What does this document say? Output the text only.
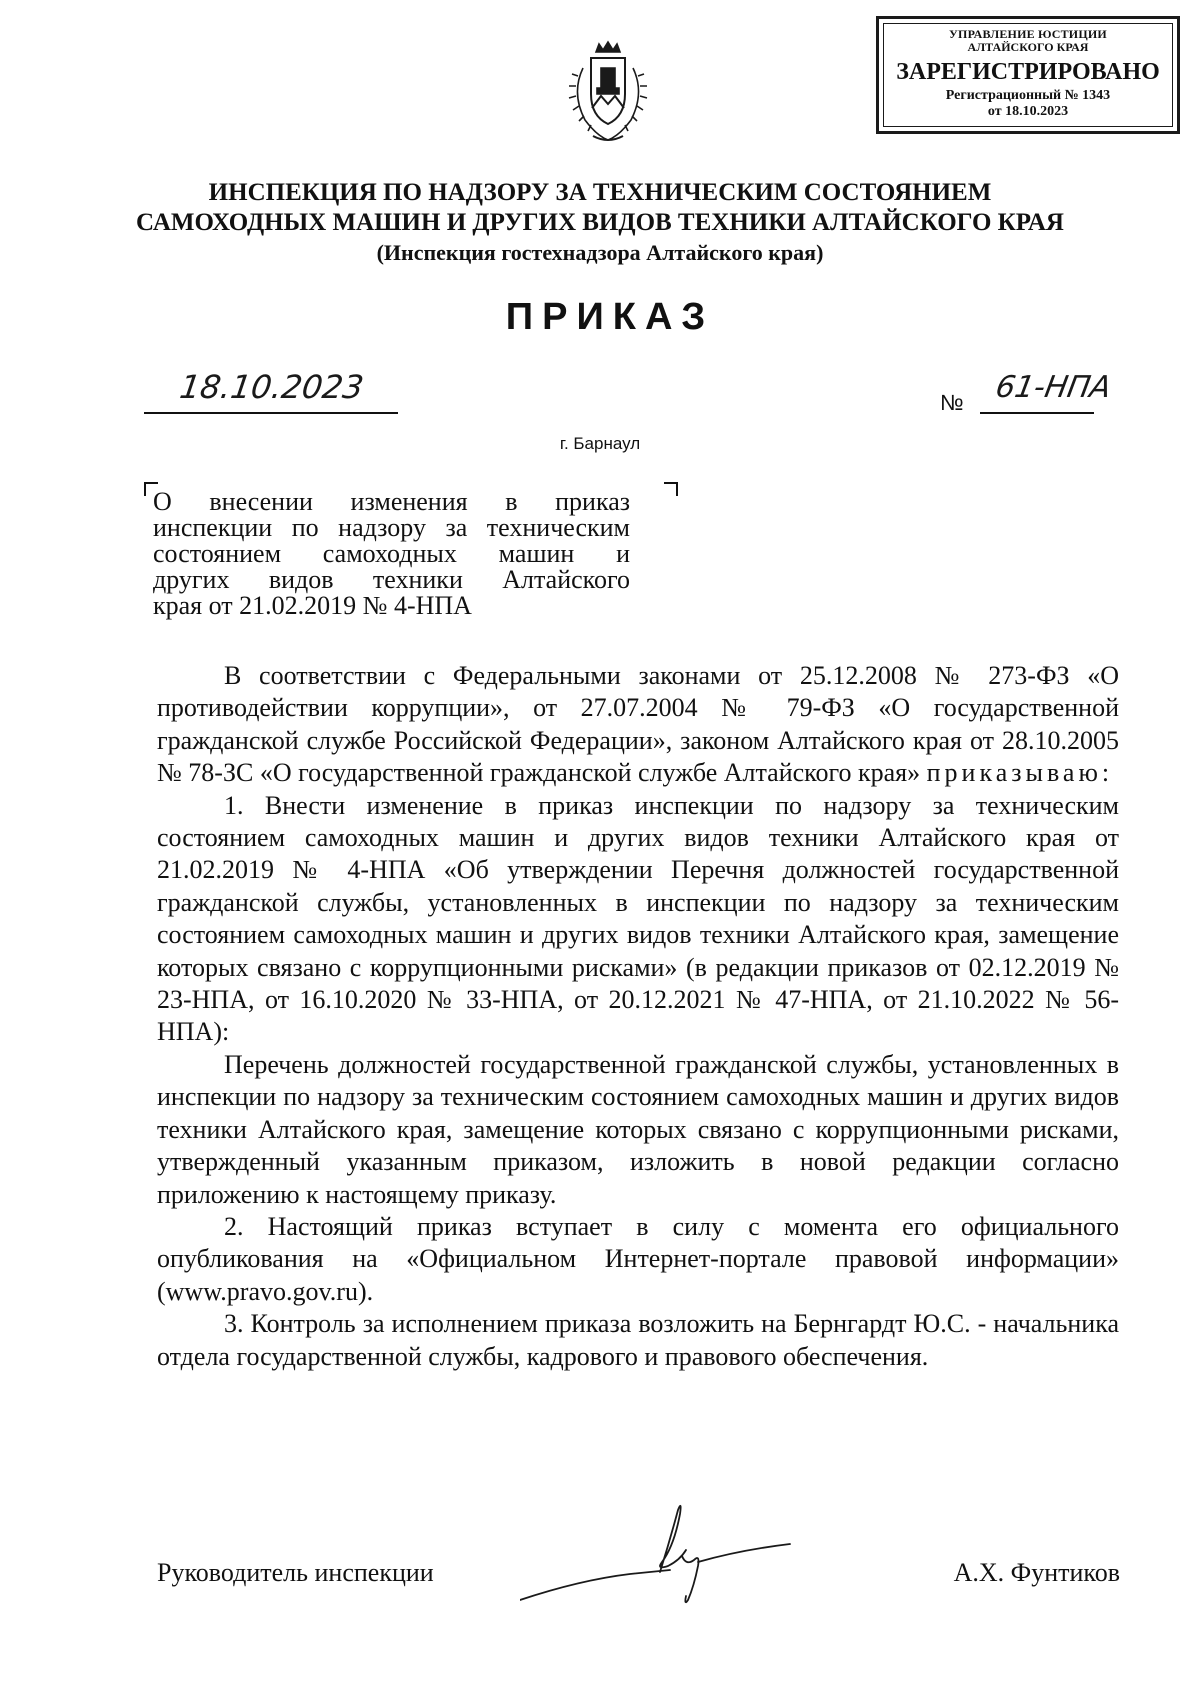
УПРАВЛЕНИЕ ЮСТИЦИИ
АЛТАЙСКОГО КРАЯ
ЗАРЕГИСТРИРОВАНО
Регистрационный № 1343
от 18.10.2023
ИНСПЕКЦИЯ ПО НАДЗОРУ ЗА ТЕХНИЧЕСКИМ СОСТОЯНИЕМ
САМОХОДНЫХ МАШИН И ДРУГИХ ВИДОВ ТЕХНИКИ АЛТАЙСКОГО КРАЯ
(Инспекция гостехнадзора Алтайского края)
ПРИКАЗ
18.10.2023	№ 61-НПА
г. Барнаул
О внесении изменения в приказ
инспекции по надзору за техническим
состоянием самоходных машин и
других видов техники Алтайского
края от 21.02.2019 № 4-НПА

В соответствии с Федеральными законами от 25.12.2008 № 273-ФЗ «О противодействии коррупции», от 27.07.2004 № 79-ФЗ «О государственной гражданской службе Российской Федерации», законом Алтайского края от 28.10.2005 № 78-ЗС «О государственной гражданской службе Алтайского края» приказываю:

1. Внести изменение в приказ инспекции по надзору за техническим состоянием самоходных машин и других видов техники Алтайского края от 21.02.2019 № 4-НПА «Об утверждении Перечня должностей государственной гражданской службы, установленных в инспекции по надзору за техническим состоянием самоходных машин и других видов техники Алтайского края, замещение которых связано с коррупционными рисками» (в редакции приказов от 02.12.2019 № 23-НПА, от 16.10.2020 № 33-НПА, от 20.12.2021 № 47-НПА, от 21.10.2022 № 56-НПА):

Перечень должностей государственной гражданской службы, установленных в инспекции по надзору за техническим состоянием самоходных машин и других видов техники Алтайского края, замещение которых связано с коррупционными рисками, утвержденный указанным приказом, изложить в новой редакции согласно приложению к настоящему приказу.

2. Настоящий приказ вступает в силу с момента его официального опубликования на «Официальном Интернет-портале правовой информации» (www.pravo.gov.ru).

3. Контроль за исполнением приказа возложить на Бернгардт Ю.С. - начальника отдела государственной службы, кадрового и правового обеспечения.

Руководитель инспекции	А.Х. Фунтиков
